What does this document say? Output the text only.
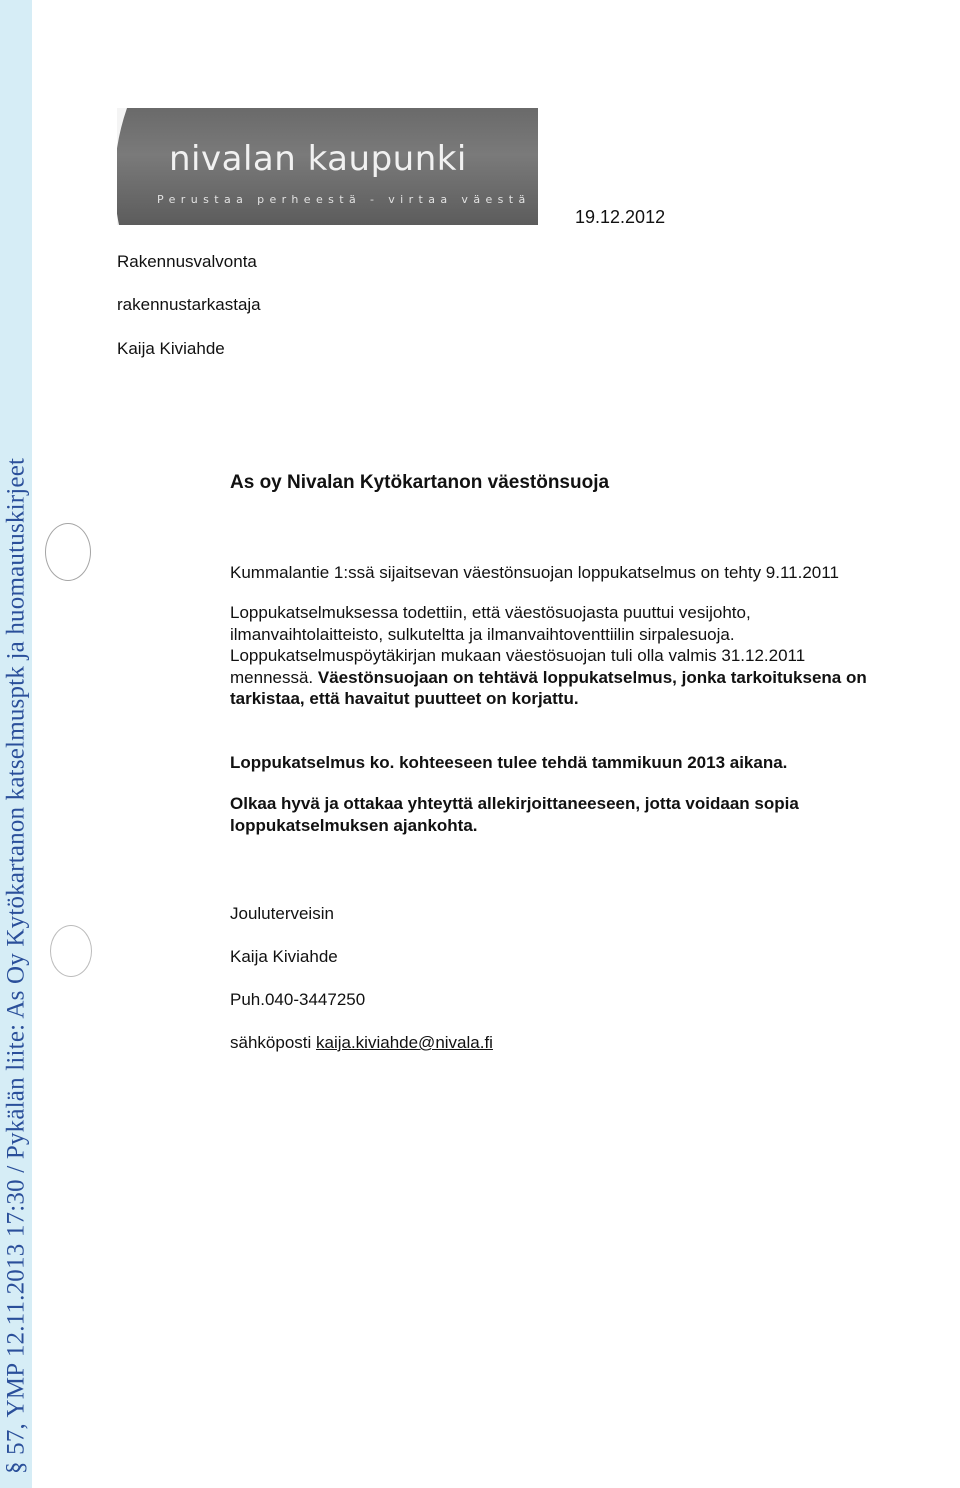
§ 57, YMP 12.11.2013 17:30 / Pykälän liite: As Oy Kytökartanon katselmusptk ja huomautuskirjeet
nivalan kaupunki
Perustaa perheestä - virtaa väestä
19.12.2012
Rakennusvalvonta
rakennustarkastaja
Kaija Kiviahde
As oy Nivalan Kytökartanon väestönsuoja
Kummalantie 1:ssä sijaitsevan väestönsuojan loppukatselmus on tehty 9.11.2011
Loppukatselmuksessa todettiin, että väestösuojasta puuttui vesijohto,
ilmanvaihtolaitteisto, sulkuteltta ja ilmanvaihtoventtiilin sirpalesuoja.
Loppukatselmuspöytäkirjan mukaan väestösuojan tuli olla valmis 31.12.2011
mennessä. Väestönsuojaan on tehtävä loppukatselmus, jonka tarkoituksena on
tarkistaa, että havaitut puutteet on korjattu.
Loppukatselmus ko. kohteeseen tulee tehdä tammikuun 2013 aikana.
Olkaa hyvä ja ottakaa yhteyttä allekirjoittaneeseen, jotta voidaan sopia
loppukatselmuksen ajankohta.
Jouluterveisin
Kaija Kiviahde
Puh.040-3447250
sähköposti kaija.kiviahde@nivala.fi
